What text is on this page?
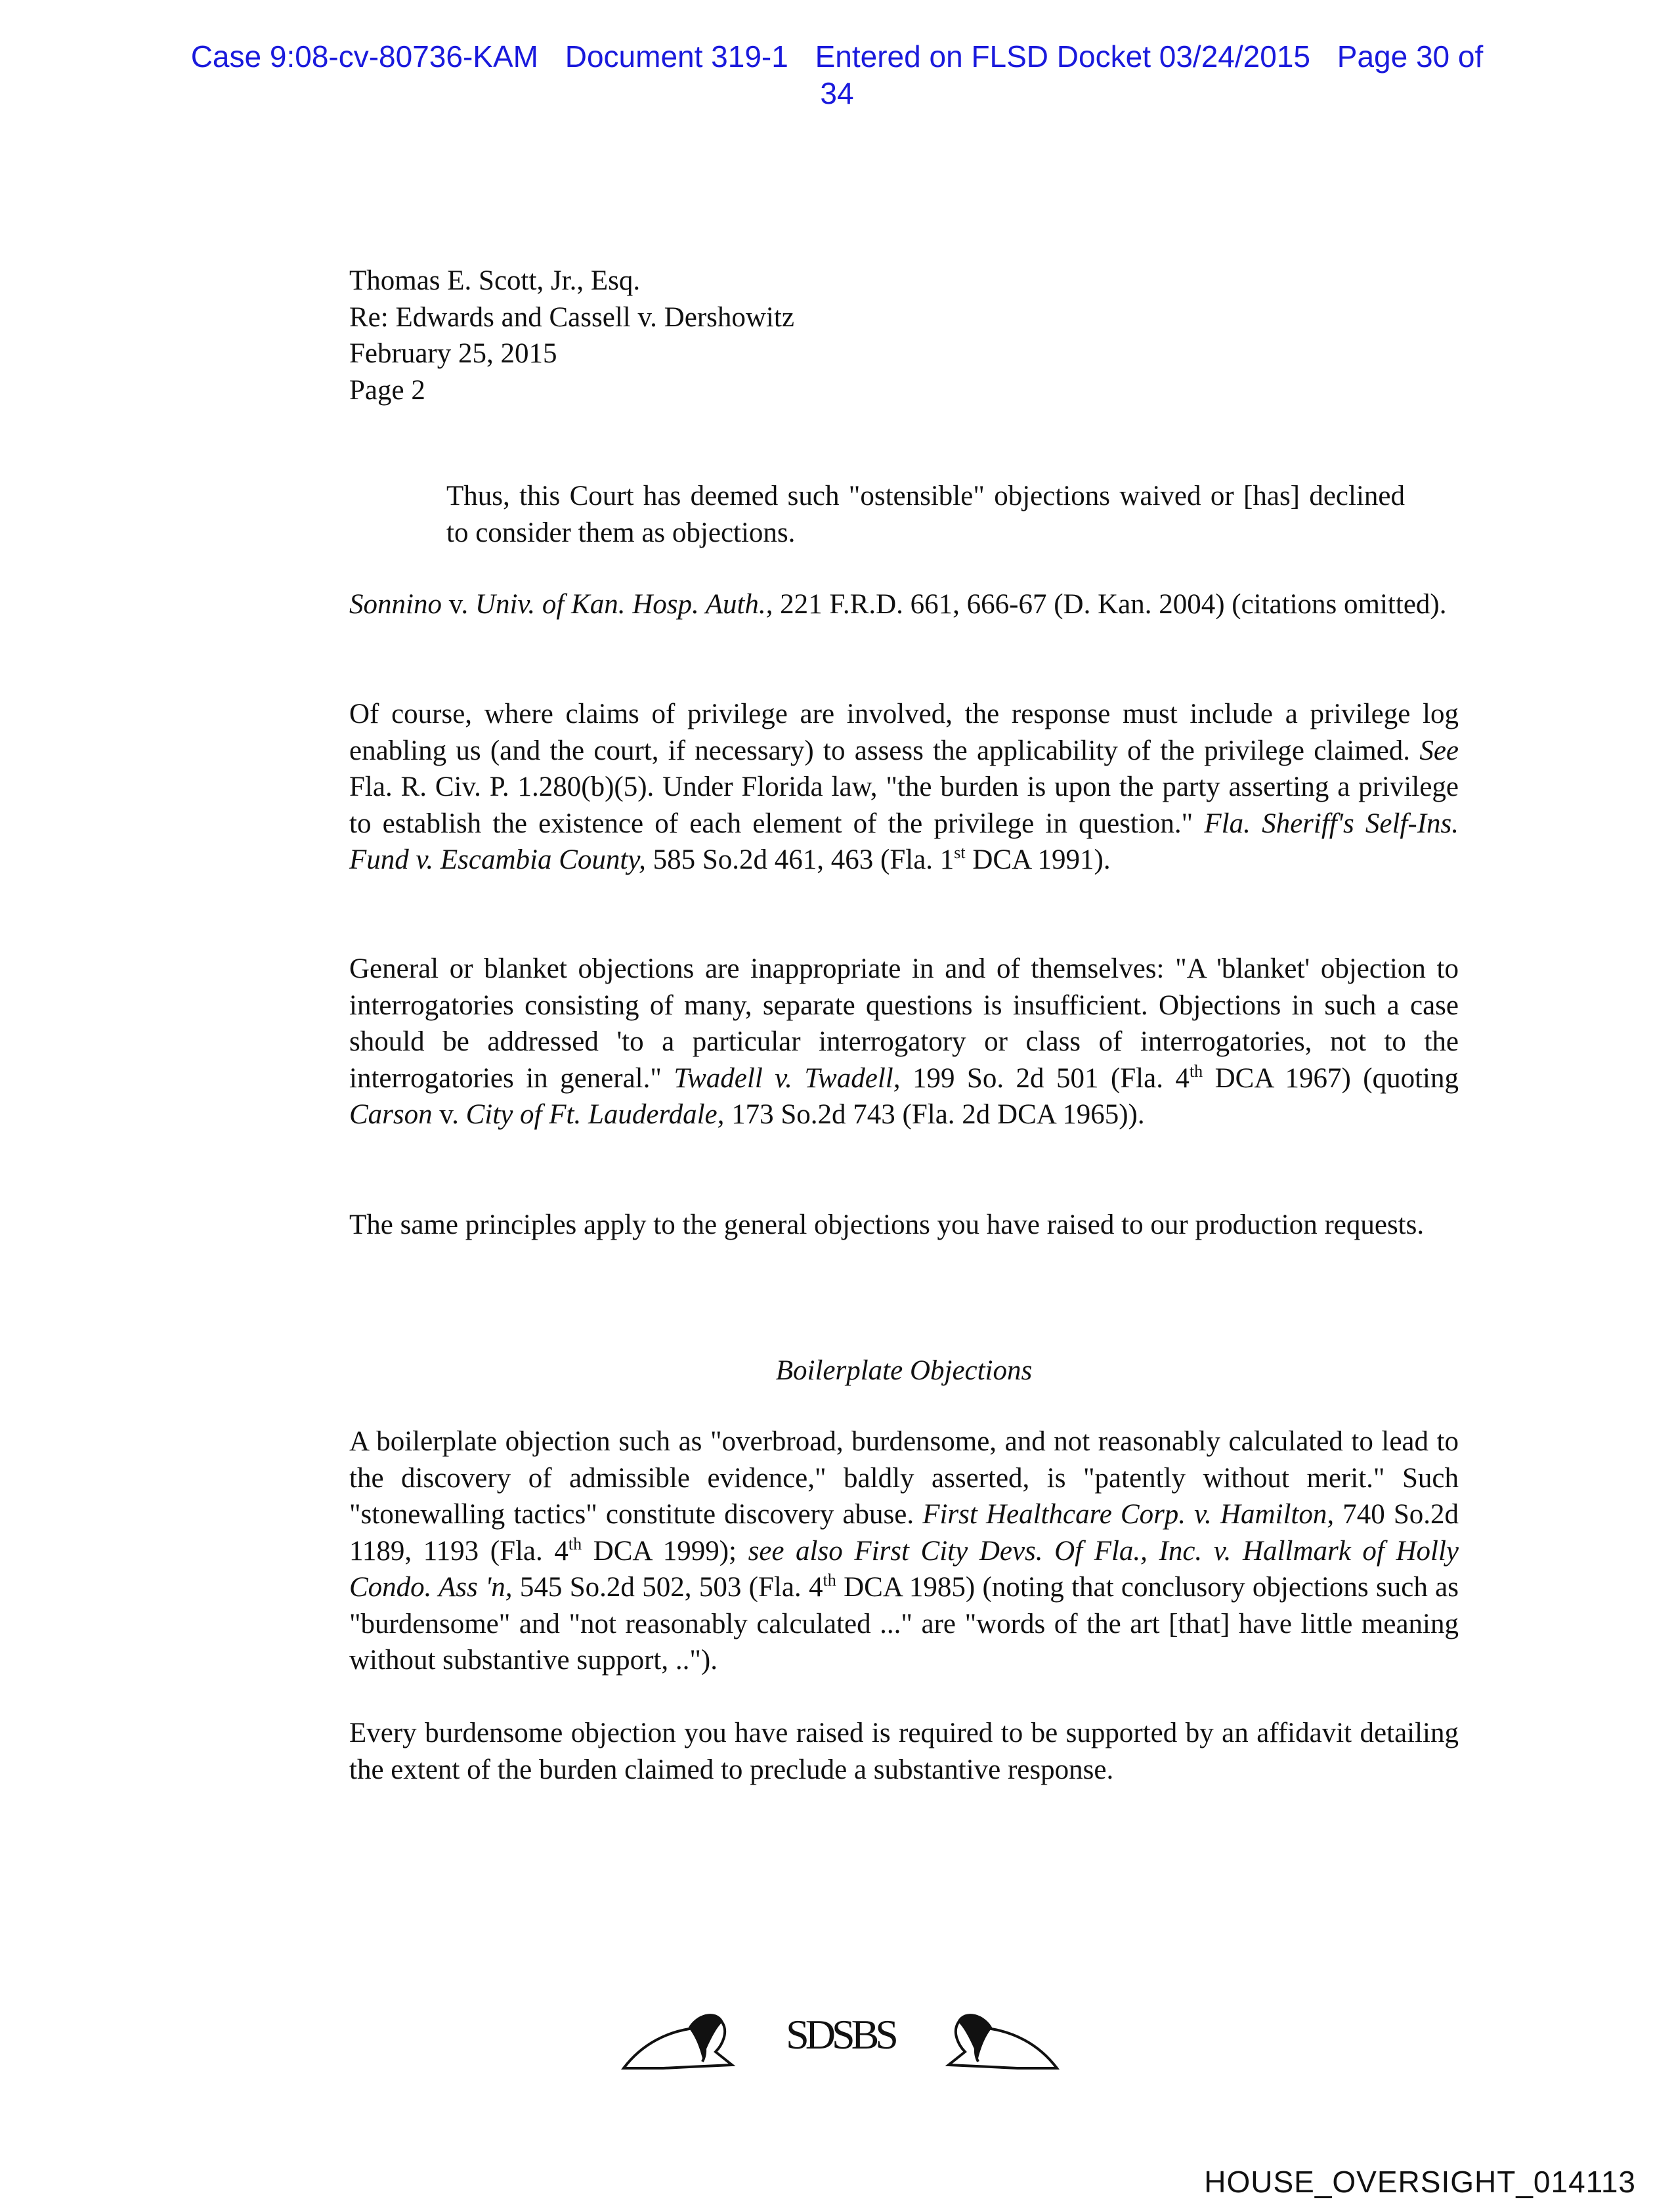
Case 9:08-cv-80736-KAM Document 319-1 Entered on FLSD Docket 03/24/2015 Page 30 of
34
Thomas E. Scott, Jr., Esq.
Re: Edwards and Cassell v. Dershowitz
February 25, 2015
Page 2
Thus, this Court has deemed such "ostensible" objections waived or [has] declined to consider them as objections.
Sonnino v. Univ. of Kan. Hosp. Auth., 221 F.R.D. 661, 666-67 (D. Kan. 2004) (citations omitted).
Of course, where claims of privilege are involved, the response must include a privilege log enabling us (and the court, if necessary) to assess the applicability of the privilege claimed. See Fla. R. Civ. P. 1.280(b)(5). Under Florida law, "the burden is upon the party asserting a privilege to establish the existence of each element of the privilege in question." Fla. Sheriff's Self-Ins. Fund v. Escambia County, 585 So.2d 461, 463 (Fla. 1st DCA 1991).
General or blanket objections are inappropriate in and of themselves: "A 'blanket' objection to interrogatories consisting of many, separate questions is insufficient. Objections in such a case should be addressed 'to a particular interrogatory or class of interrogatories, not to the interrogatories in general." Twadell v. Twadell, 199 So. 2d 501 (Fla. 4th DCA 1967) (quoting Carson v. City of Ft. Lauderdale, 173 So.2d 743 (Fla. 2d DCA 1965)).
The same principles apply to the general objections you have raised to our production requests.
Boilerplate Objections
A boilerplate objection such as "overbroad, burdensome, and not reasonably calculated to lead to the discovery of admissible evidence," baldly asserted, is "patently without merit." Such "stonewalling tactics" constitute discovery abuse. First Healthcare Corp. v. Hamilton, 740 So.2d 1189, 1193 (Fla. 4th DCA 1999); see also First City Devs. Of Fla., Inc. v. Hallmark of Holly Condo. Ass 'n, 545 So.2d 502, 503 (Fla. 4th DCA 1985) (noting that conclusory objections such as "burdensome" and "not reasonably calculated ..." are "words of the art [that] have little meaning without substantive support, ..").
Every burdensome objection you have raised is required to be supported by an affidavit detailing the extent of the burden claimed to preclude a substantive response.
SDSBS
HOUSE_OVERSIGHT_014113
